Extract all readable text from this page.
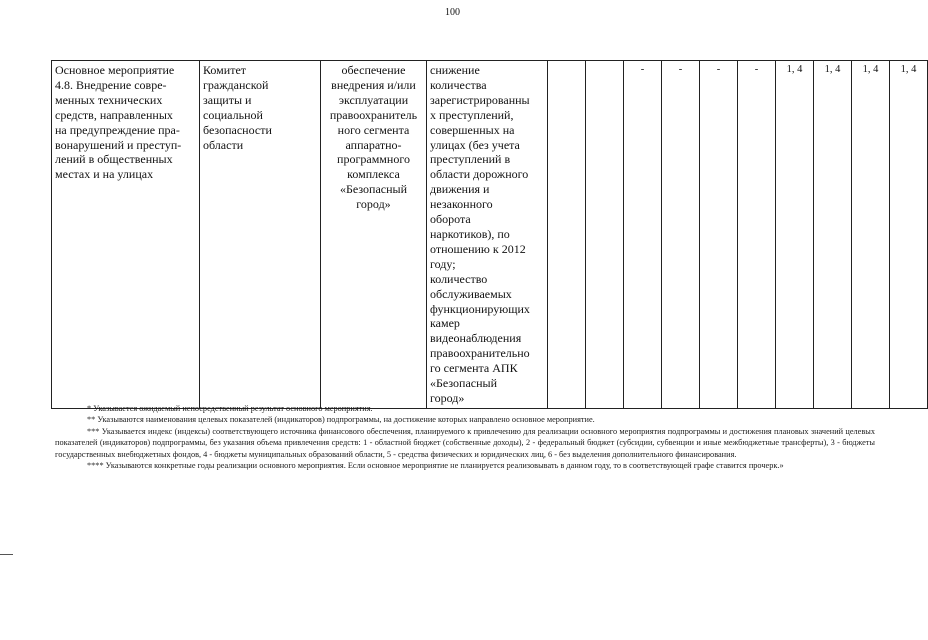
100
Основное мероприятие
4.8. Внедрение совре-
менных технических
средств, направленных
на предупреждение пра-
вонарушений и преступ-
лений в общественных
местах и на улицах	Комитет
гражданской
защиты и
социальной
безопасности
области	обеспечение
внедрения и/или
эксплуатации
правоохранитель
ного сегмента
аппаратно-
программного
комплекса
«Безопасный
город»	снижение
количества
зарегистрированны
х преступлений,
совершенных на
улицах (без учета
преступлений в
области дорожного
движения и
незаконного
оборота
наркотиков), по
отношению к 2012
году;
количество
обслуживаемых
функционирующих
камер
видеонаблюдения
правоохранительно
го сегмента АПК
«Безопасный
город»			-	-	-	-	1, 4	1, 4	1, 4	1, 4

* Указывается ожидаемый непосредственный результат основного мероприятия.

** Указываются наименования целевых показателей (индикаторов) подпрограммы, на достижение которых направлено основное мероприятие.

*** Указывается индекс (индексы) соответствующего источника финансового обеспечения, планируемого к привлечению для реализации основного мероприятия подпрограммы и достижения плановых значений целевых показателей (индикаторов) подпрограммы, без указания объема привлечения средств: 1 - областной бюджет (собственные доходы), 2 - федеральный бюджет (субсидии, субвенции и иные межбюджетные трансферты), 3 - бюджеты государственных внебюджетных фондов, 4 - бюджеты муниципальных образований области, 5 - средства физических и юридических лиц, 6 - без выделения дополнительного финансирования.

**** Указываются конкретные годы реализации основного мероприятия. Если основное мероприятие не планируется реализовывать в данном году, то в соответствующей графе ставится прочерк.»
